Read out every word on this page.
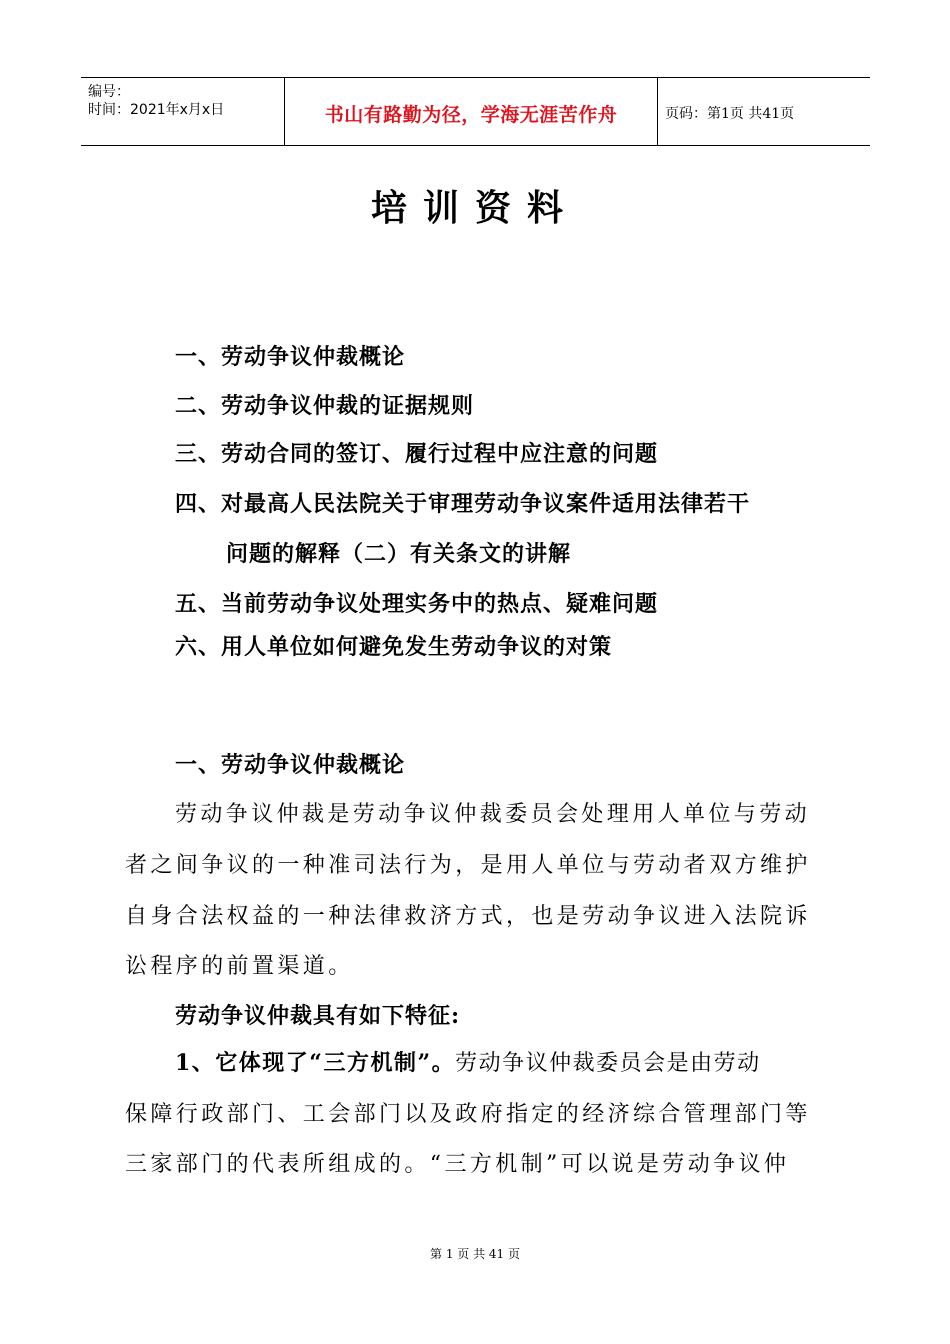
编号：
时间：2021年x月x日	书山有路勤为径，学海无涯苦作舟	页码：第1页 共41页
培训资料
一、劳动争议仲裁概论
二、劳动争议仲裁的证据规则
三、劳动合同的签订、履行过程中应注意的问题
四、对最高人民法院关于审理劳动争议案件适用法律若干
问题的解释（二）有关条文的讲解
五、当前劳动争议处理实务中的热点、疑难问题
六、用人单位如何避免发生劳动争议的对策
一、劳动争议仲裁概论
劳动争议仲裁是劳动争议仲裁委员会处理用人单位与劳动
者之间争议的一种准司法行为，是用人单位与劳动者双方维护
自身合法权益的一种法律救济方式，也是劳动争议进入法院诉
讼程序的前置渠道。
劳动争议仲裁具有如下特征:
1、它体现了“三方机制”。劳动争议仲裁委员会是由劳动
保障行政部门、工会部门以及政府指定的经济综合管理部门等
三家部门的代表所组成的。“三方机制”可以说是劳动争议仲
第 1 页 共 41 页
